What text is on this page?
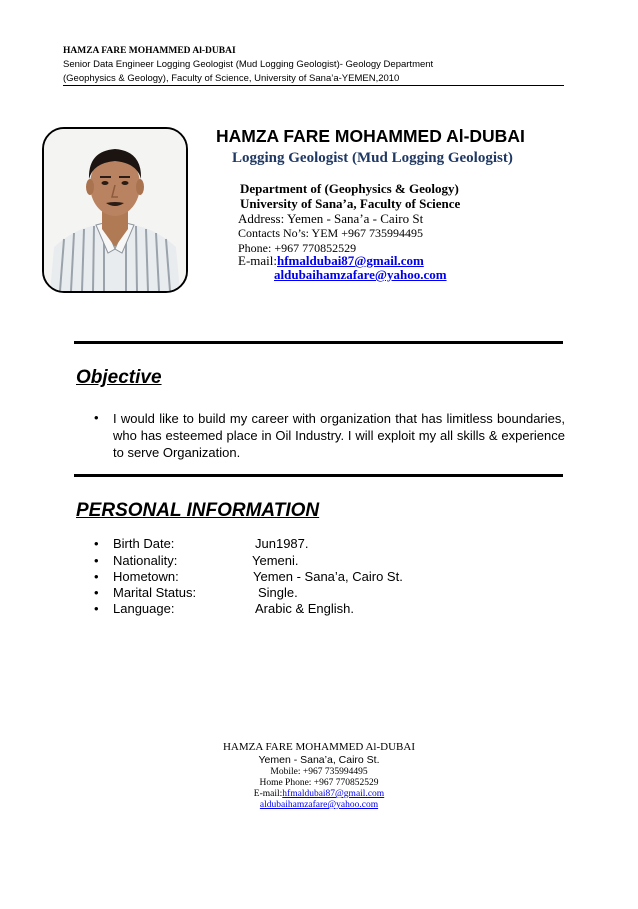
HAMZA FARE MOHAMMED Al-DUBAI
Senior Data Engineer Logging Geologist (Mud Logging Geologist)- Geology Department
(Geophysics & Geology), Faculty of Science, University of Sana’a-YEMEN,2010
HAMZA FARE MOHAMMED Al-DUBAI
Logging Geologist (Mud Logging Geologist)
Department of (Geophysics & Geology)
University of Sana’a, Faculty of Science
Address: Yemen - Sana’a - Cairo St
Contacts No’s: YEM +967 735994495
Phone: +967 770852529
E-mail:hfmaldubai87@gmail.com
aldubaihamzafare@yahoo.com
Objective
• I would like to build my career with organization that has limitless boundaries, who has esteemed place in Oil Industry. I will exploit my all skills & experience to serve Organization.
PERSONAL INFORMATION
• Birth Date:	Jun1987.
• Nationality:	Yemeni.
• Hometown:	Yemen - Sana’a, Cairo St.
• Marital Status:	Single.
• Language:	Arabic & English.
HAMZA FARE MOHAMMED Al-DUBAI
Yemen - Sana’a, Cairo St.
Mobile: +967 735994495
Home Phone: +967 770852529
E-mail:hfmaldubai87@gmail.com
aldubaihamzafare@yahoo.com
